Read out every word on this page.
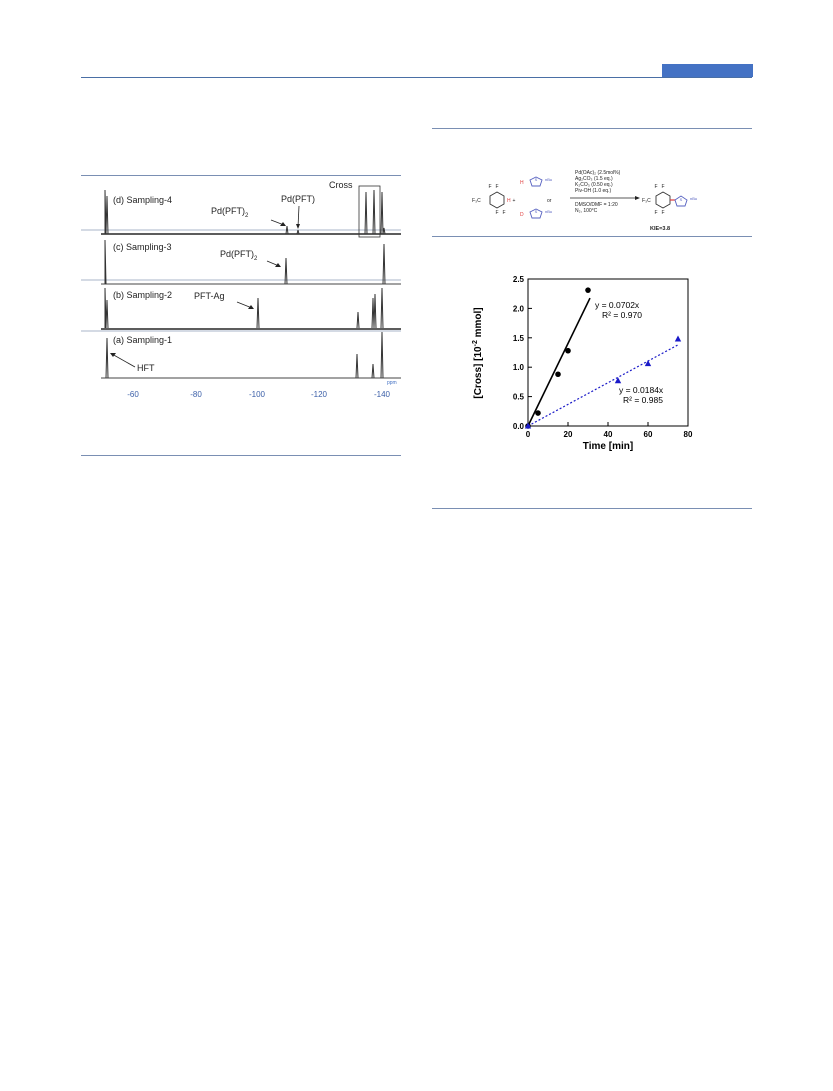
(d) Sampling-4
Cross
$Pd(PFT)_2$
Pd(PFT)
(c) Sampling-3
$Pd(PFT)_2$
(b) Sampling-2 PFT-Ag
(a) Sampling-1
HFT
ppm
-60	-80	-100	-120	-140
F
F
F F
F₃C	H +
H
S nBu
or
D
S nBu
Pd(OAc)₂ (2.5mol%)
Ag₂CO₃ (1.5 eq.)
K₂CO₃ (0.50 eq.)
Piv-OH (1.0 eq.)
DMSO/DMF = 1:20
N₂, 100°C
F₃C
F F
F F
S nBu
KIE=3.8
0.0
0.5
1.0
1.5
2.0
2.5
0	20	40	60	80
y = 0.0702x
R² = 0.970
y = 0.0184x
R² = 0.985
Time [min]
[Cross] [$10^{-2}$ mmol]
